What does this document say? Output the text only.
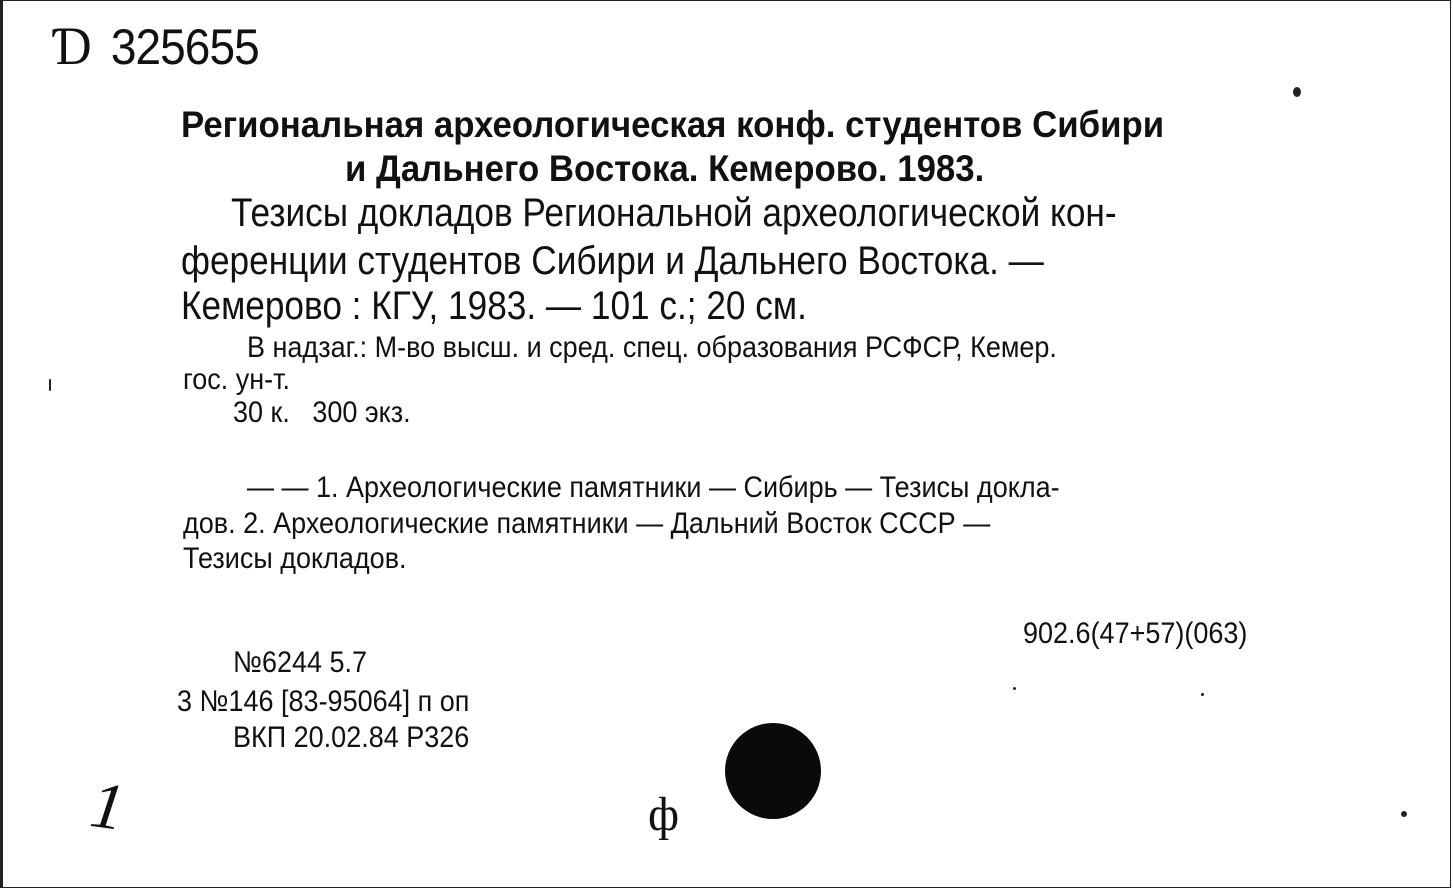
Ɗ 325655
Региональная археологическая конф. студентов Сибири
и Дальнего Востока. Кемерово. 1983.
Тезисы докладов Региональной археологической кон-
ференции студентов Сибири и Дальнего Востока. —
Кемерово : КГУ, 1983. — 101 с.; 20 см.
В надзаг.: М-во высш. и сред. спец. образования РСФСР, Кемер.
гос. ун-т.
30 к.   300 экз.
— — 1. Археологические памятники — Сибирь — Тезисы докла-
дов. 2. Археологические памятники — Дальний Восток СССР —
Тезисы докладов.
902.6(47+57)(063)
№6244 5.7
3 №146 [83-95064] п оп
ВКП 20.02.84 Р326
1	ф
